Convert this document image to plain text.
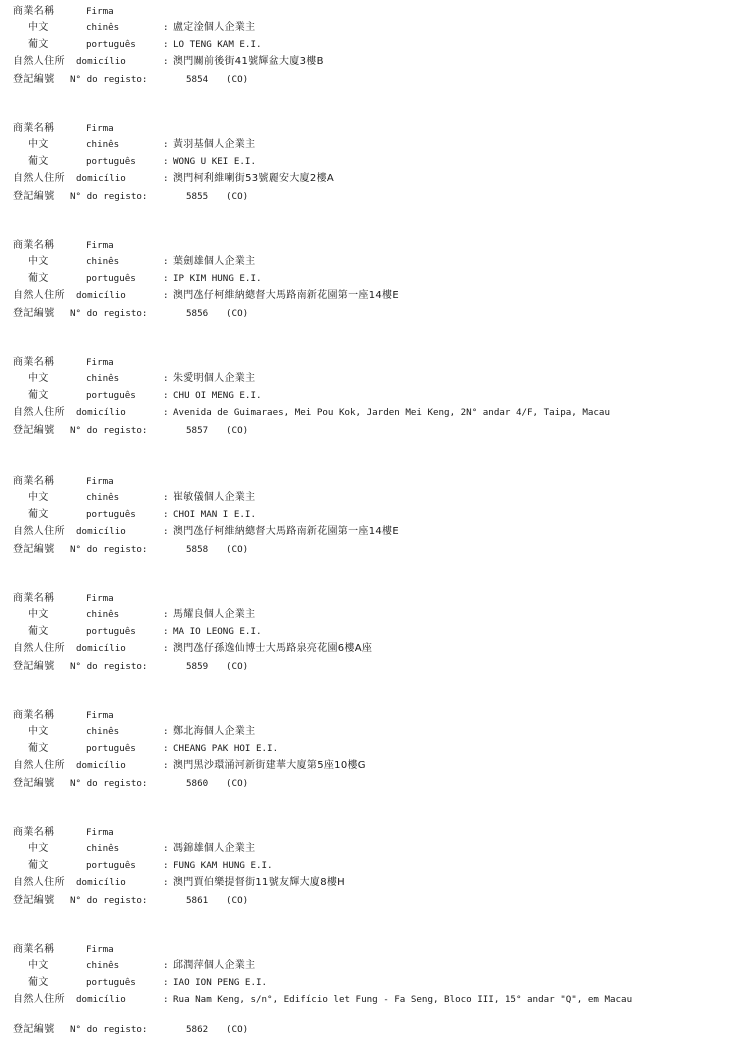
商業名稱	Firma
中文	chinês	: 盧定淦個人企業主
葡文	português	: LO TENG KAM E.I.
自然人住所 domicílio	: 澳門關前後街41號輝盆大廈3樓B
登記編號 N° do registo:	5854 (CO)
商業名稱	Firma
中文	chinês	: 黃羽基個人企業主
葡文	português	: WONG U KEI E.I.
自然人住所 domicílio	: 澳門柯利維喇街53號麗安大廈2樓A
登記編號 N° do registo:	5855 (CO)
商業名稱	Firma
中文	chinês	: 葉劍雄個人企業主
葡文	português	: IP KIM HUNG E.I.
自然人住所 domicílio	: 澳門氹仔柯維納總督大馬路南新花園第一座14樓E
登記編號 N° do registo:	5856 (CO)
商業名稱	Firma
中文	chinês	: 朱愛明個人企業主
葡文	português	: CHU OI MENG E.I.
自然人住所 domicílio	: Avenida de Guimaraes, Mei Pou Kok, Jarden Mei Keng, 2N° andar 4/F, Taipa, Macau
登記編號 N° do registo:	5857 (CO)
商業名稱	Firma
中文	chinês	: 崔敏儀個人企業主
葡文	português	: CHOI MAN I E.I.
自然人住所 domicílio	: 澳門氹仔柯維納總督大馬路南新花園第一座14樓E
登記編號 N° do registo:	5858 (CO)
商業名稱	Firma
中文	chinês	: 馬耀良個人企業主
葡文	português	: MA IO LEONG E.I.
自然人住所 domicílio	: 澳門氹仔孫逸仙博士大馬路泉亮花園6樓A座
登記編號 N° do registo:	5859 (CO)
商業名稱	Firma
中文	chinês	: 鄭北海個人企業主
葡文	português	: CHEANG PAK HOI E.I.
自然人住所 domicílio	: 澳門黑沙環涌河新街建華大廈第5座10樓G
登記編號 N° do registo:	5860 (CO)
商業名稱	Firma
中文	chinês	: 馮錦雄個人企業主
葡文	português	: FUNG KAM HUNG E.I.
自然人住所 domicílio	: 澳門賈伯樂提督街11號友輝大廈8樓H
登記編號 N° do registo:	5861 (CO)
商業名稱	Firma
中文	chinês	: 邱潤萍個人企業主
葡文	português	: IAO ION PENG E.I.
自然人住所 domicílio	: Rua Nam Keng, s/n°, Edifício let Fung - Fa Seng, Bloco III, 15° andar "Q", em Macau
登記編號 N° do registo:	5862 (CO)
